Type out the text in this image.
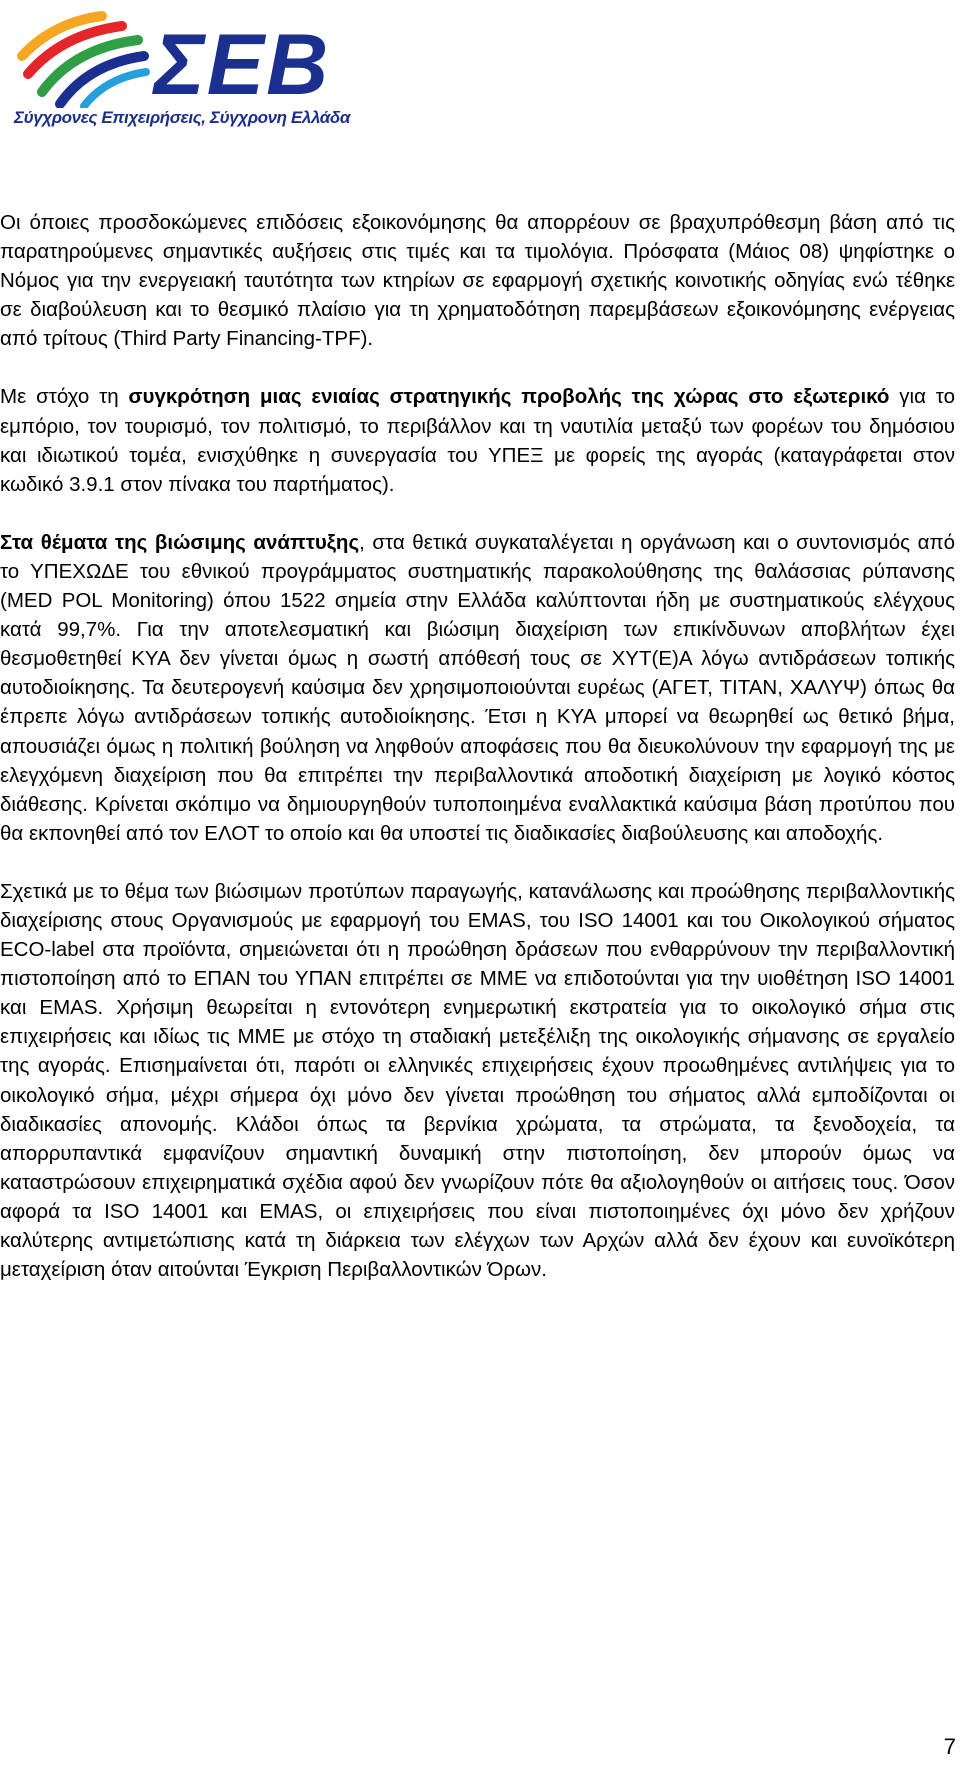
ΣΕΒ
Σύγχρονες Επιχειρήσεις, Σύγχρονη Ελλάδα

Οι όποιες προσδοκώμενες επιδόσεις εξοικονόμησης θα απορρέουν σε βραχυπρόθεσμη βάση από τις παρατηρούμενες σημαντικές αυξήσεις στις τιμές και τα τιμολόγια. Πρόσφατα (Μάιος 08) ψηφίστηκε ο Νόμος για την ενεργειακή ταυτότητα των κτηρίων σε εφαρμογή σχετικής κοινοτικής οδηγίας ενώ τέθηκε σε διαβούλευση και το θεσμικό πλαίσιο για τη χρηματοδότηση παρεμβάσεων εξοικονόμησης ενέργειας από τρίτους (Third Party Financing-TPF).

Με στόχο τη συγκρότηση μιας ενιαίας στρατηγικής προβολής της χώρας στο εξωτερικό για το εμπόριο, τον τουρισμό, τον πολιτισμό, το περιβάλλον και τη ναυτιλία μεταξύ των φορέων του δημόσιου και ιδιωτικού τομέα, ενισχύθηκε η συνεργασία του ΥΠΕΞ με φορείς της αγοράς (καταγράφεται στον κωδικό 3.9.1 στον πίνακα του παρτήματος).

Στα θέματα της βιώσιμης ανάπτυξης, στα θετικά συγκαταλέγεται η οργάνωση και ο συντονισμός από το ΥΠΕΧΩΔΕ του εθνικού προγράμματος συστηματικής παρακολούθησης της θαλάσσιας ρύπανσης (MED POL Monitoring) όπου 1522 σημεία στην Ελλάδα καλύπτονται ήδη με συστηματικούς ελέγχους κατά 99,7%. Για την αποτελεσματική και βιώσιμη διαχείριση των επικίνδυνων αποβλήτων έχει θεσμοθετηθεί ΚΥΑ δεν γίνεται όμως η σωστή απόθεσή τους σε ΧΥΤ(Ε)Α λόγω αντιδράσεων τοπικής αυτοδιοίκησης. Τα δευτερογενή καύσιμα δεν χρησιμοποιούνται ευρέως (ΑΓΕΤ, ΤΙΤΑΝ, ΧΑΛΥΨ) όπως θα έπρεπε λόγω αντιδράσεων τοπικής αυτοδιοίκησης. Έτσι η ΚΥΑ μπορεί να θεωρηθεί ως θετικό βήμα, απουσιάζει όμως η πολιτική βούληση να ληφθούν αποφάσεις που θα διευκολύνουν την εφαρμογή της με ελεγχόμενη διαχείριση που θα επιτρέπει την περιβαλλοντικά αποδοτική διαχείριση με λογικό κόστος διάθεσης. Κρίνεται σκόπιμο να δημιουργηθούν τυποποιημένα εναλλακτικά καύσιμα βάση προτύπου που θα εκπονηθεί από τον ΕΛΟΤ το οποίο και θα υποστεί τις διαδικασίες διαβούλευσης και αποδοχής.

Σχετικά με το θέμα των βιώσιμων προτύπων παραγωγής, κατανάλωσης και προώθησης περιβαλλοντικής διαχείρισης στους Οργανισμούς με εφαρμογή του EMAS, του ISO 14001 και του Οικολογικού σήματος ECO-label στα προϊόντα, σημειώνεται ότι η προώθηση δράσεων που ενθαρρύνουν την περιβαλλοντική πιστοποίηση από το ΕΠΑΝ του ΥΠΑΝ επιτρέπει σε ΜΜΕ να επιδοτούνται για την υιοθέτηση ISO 14001 και EMAS. Χρήσιμη θεωρείται η εντονότερη ενημερωτική εκστρατεία για το οικολογικό σήμα στις επιχειρήσεις και ιδίως τις ΜΜΕ με στόχο τη σταδιακή μετεξέλιξη της οικολογικής σήμανσης σε εργαλείο της αγοράς. Επισημαίνεται ότι, παρότι οι ελληνικές επιχειρήσεις έχουν προωθημένες αντιλήψεις για το οικολογικό σήμα, μέχρι σήμερα όχι μόνο δεν γίνεται προώθηση του σήματος αλλά εμποδίζονται οι διαδικασίες απονομής. Κλάδοι όπως τα βερνίκια χρώματα, τα στρώματα, τα ξενοδοχεία, τα απορρυπαντικά εμφανίζουν σημαντική δυναμική στην πιστοποίηση, δεν μπορούν όμως να καταστρώσουν επιχειρηματικά σχέδια αφού δεν γνωρίζουν πότε θα αξιολογηθούν οι αιτήσεις τους. Όσον αφορά τα ISO 14001 και EMAS, οι επιχειρήσεις που είναι πιστοποιημένες όχι μόνο δεν χρήζουν καλύτερης αντιμετώπισης κατά τη διάρκεια των ελέγχων των Αρχών αλλά δεν έχουν και ευνοϊκότερη μεταχείριση όταν αιτούνται Έγκριση Περιβαλλοντικών Όρων.

7
